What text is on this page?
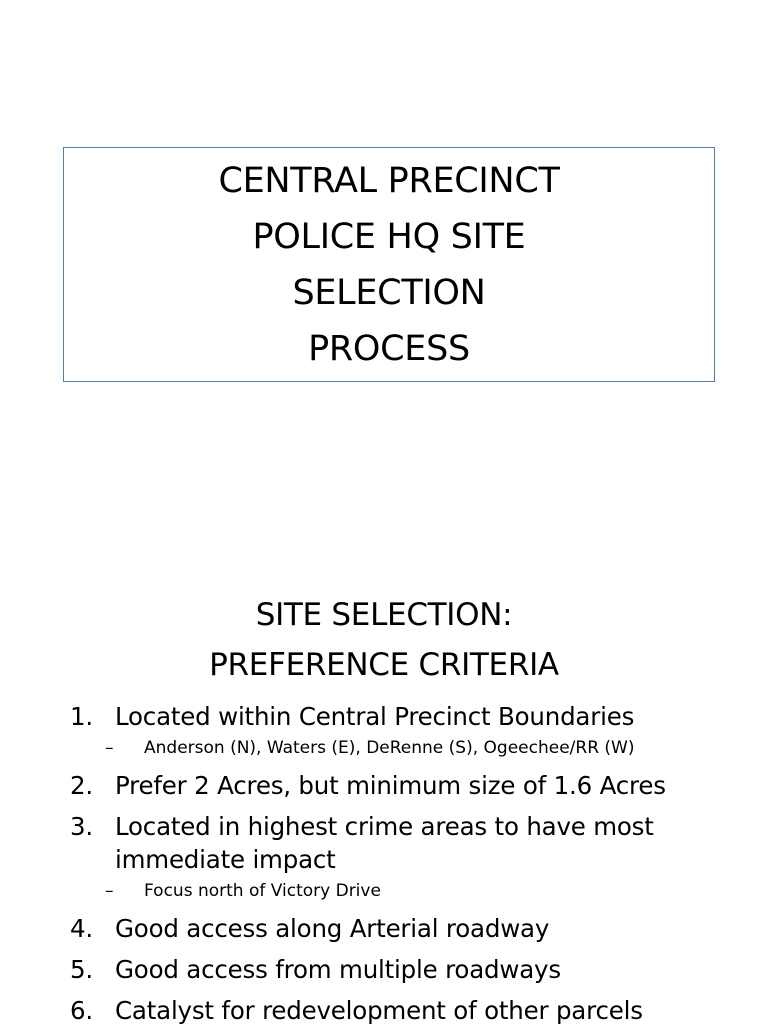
CENTRAL PRECINCT
POLICE HQ SITE
SELECTION
PROCESS
SITE SELECTION:
PREFERENCE CRITERIA
1. Located within Central Precinct Boundaries
– Anderson (N), Waters (E), DeRenne (S), Ogeechee/RR (W)
2. Prefer 2 Acres, but minimum size of 1.6 Acres
3. Located in highest crime areas to have most immediate impact
– Focus north of Victory Drive
4. Good access along Arterial roadway
5. Good access from multiple roadways
6. Catalyst for redevelopment of other parcels
